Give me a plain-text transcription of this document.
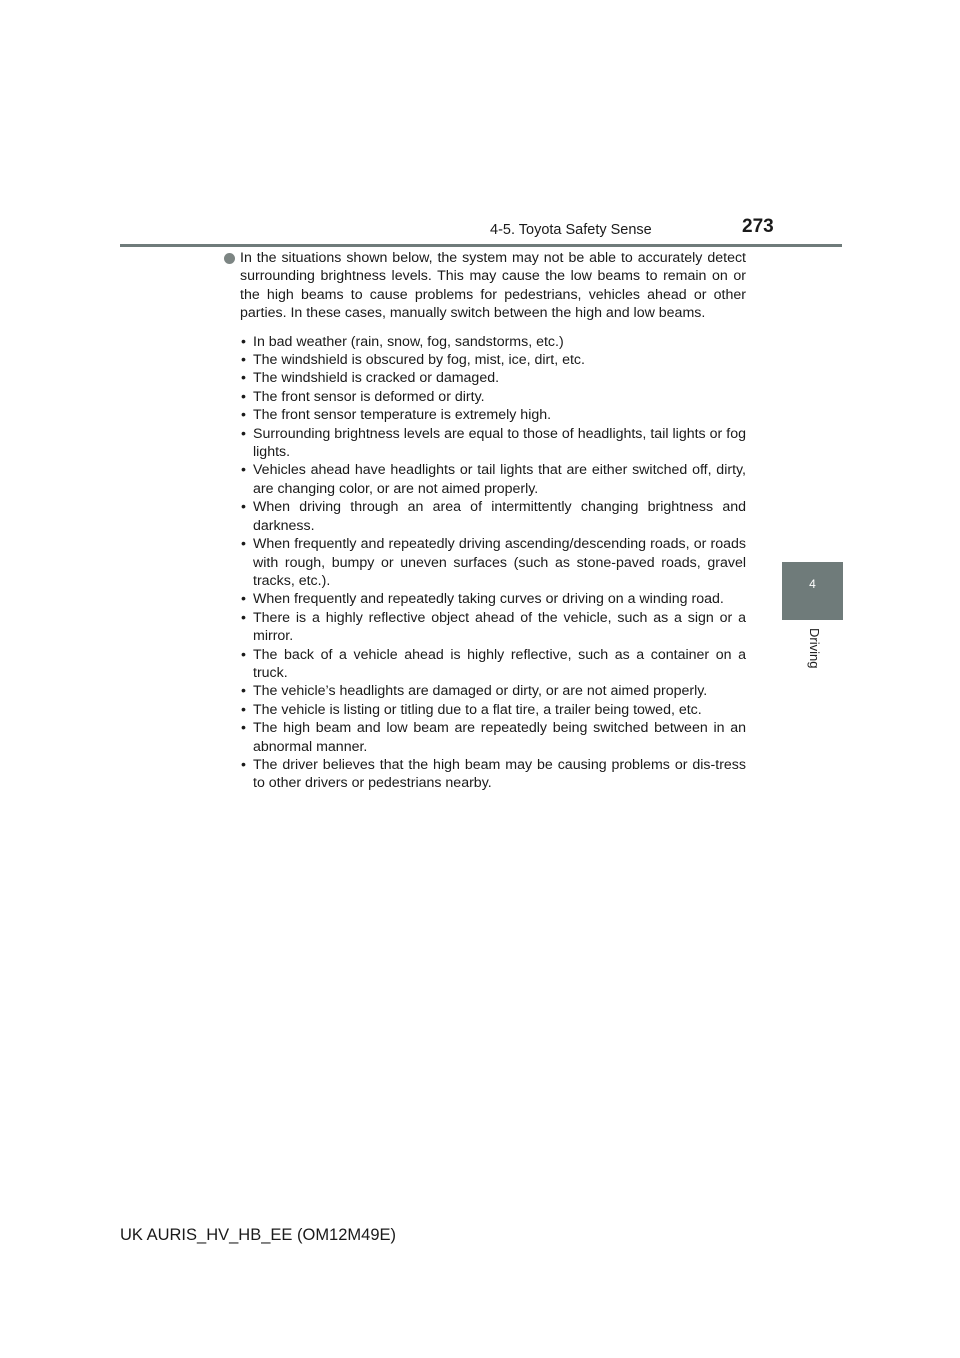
4-5. Toyota Safety Sense	273
4
Driving

In the situations shown below, the system may not be able to accurately detect surrounding brightness levels. This may cause the low beams to remain on or the high beams to cause problems for pedestrians, vehicles ahead or other parties. In these cases, manually switch between the high and low beams.

• In bad weather (rain, snow, fog, sandstorms, etc.)
• The windshield is obscured by fog, mist, ice, dirt, etc.
• The windshield is cracked or damaged.
• The front sensor is deformed or dirty.
• The front sensor temperature is extremely high.
• Surrounding brightness levels are equal to those of headlights, tail lights or fog lights.
• Vehicles ahead have headlights or tail lights that are either switched off, dirty, are changing color, or are not aimed properly.
• When driving through an area of intermittently changing brightness and darkness.
• When frequently and repeatedly driving ascending/descending roads, or roads with rough, bumpy or uneven surfaces (such as stone-paved roads, gravel tracks, etc.).
• When frequently and repeatedly taking curves or driving on a winding road.
• There is a highly reflective object ahead of the vehicle, such as a sign or a mirror.
• The back of a vehicle ahead is highly reflective, such as a container on a truck.
• The vehicle’s headlights are damaged or dirty, or are not aimed properly.
• The vehicle is listing or titling due to a flat tire, a trailer being towed, etc.
• The high beam and low beam are repeatedly being switched between in an abnormal manner.
• The driver believes that the high beam may be causing problems or dis-tress to other drivers or pedestrians nearby.
UK AURIS_HV_HB_EE (OM12M49E)
